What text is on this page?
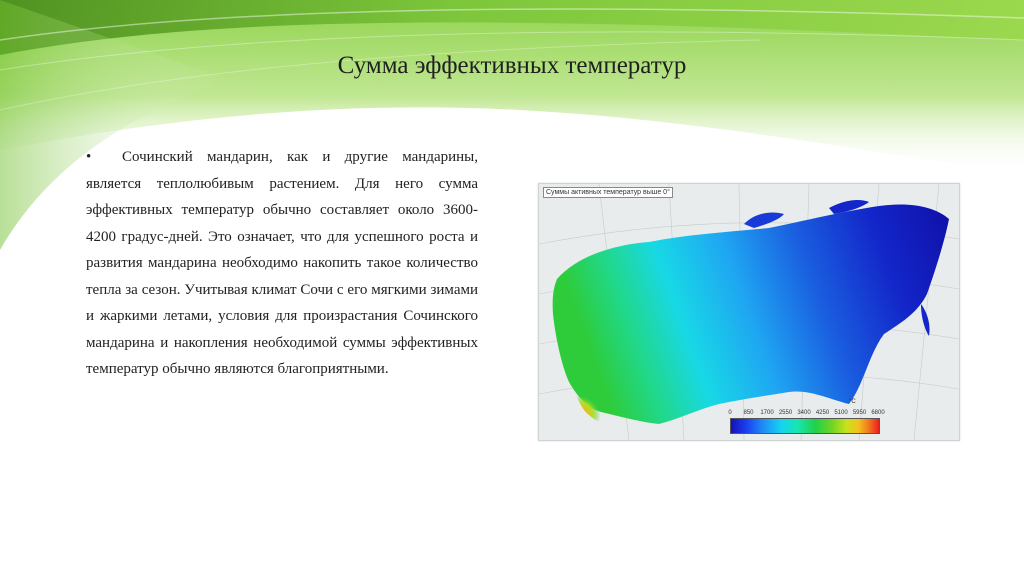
Сумма эффективных температур
• Сочинский мандарин, как и другие мандарины, является теплолюбивым растением. Для него сумма эффективных температур обычно составляет около 3600-4200 градус-дней. Это означает, что для успешного роста и развития мандарина необходимо накопить такое количество тепла за сезон. Учитывая климат Сочи с его мягкими зимами и жаркими летами, условия для произрастания Сочинского мандарина и накопления необходимой суммы эффективных температур обычно являются благоприятными.
Суммы активных температур выше 0°
°C
0 850 1700 2550 3400 4250 5100 5950 6800
